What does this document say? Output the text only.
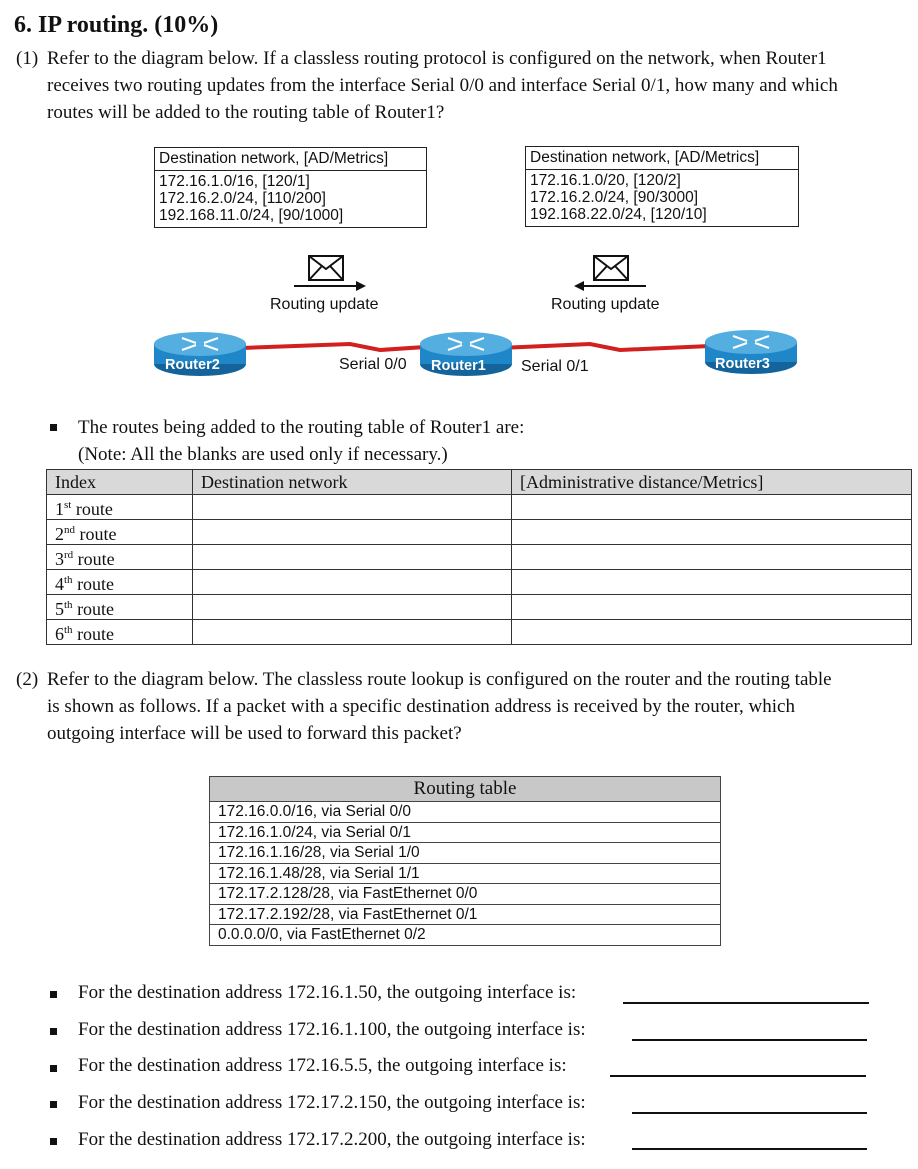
6. IP routing. (10%)
(1) Refer to the diagram below. If a classless routing protocol is configured on the network, when Router1
receives two routing updates from the interface Serial 0/0 and interface Serial 0/1, how many and which
routes will be added to the routing table of Router1?
Destination network, [AD/Metrics]
172.16.1.0/16, [120/1]
172.16.2.0/24, [110/200]
192.168.11.0/24, [90/1000]
Destination network, [AD/Metrics]
172.16.1.0/20, [120/2]
172.16.2.0/24, [90/3000]
192.168.22.0/24, [120/10]
Routing update	Routing update
Router2	Router1	Router3
Serial 0/0	Serial 0/1
The routes being added to the routing table of Router1 are:
(Note: All the blanks are used only if necessary.)
Index	Destination network	[Administrative distance/Metrics]
1st route		
2nd route		
3rd route		
4th route		
5th route		
6th route		
(2) Refer to the diagram below. The classless route lookup is configured on the router and the routing table
is shown as follows. If a packet with a specific destination address is received by the router, which
outgoing interface will be used to forward this packet?
Routing table
172.16.0.0/16, via Serial 0/0
172.16.1.0/24, via Serial 0/1
172.16.1.16/28, via Serial 1/0
172.16.1.48/28, via Serial 1/1
172.17.2.128/28, via FastEthernet 0/0
172.17.2.192/28, via FastEthernet 0/1
0.0.0.0/0, via FastEthernet 0/2
For the destination address 172.16.1.50, the outgoing interface is:
For the destination address 172.16.1.100, the outgoing interface is:
For the destination address 172.16.5.5, the outgoing interface is:
For the destination address 172.17.2.150, the outgoing interface is:
For the destination address 172.17.2.200, the outgoing interface is:
